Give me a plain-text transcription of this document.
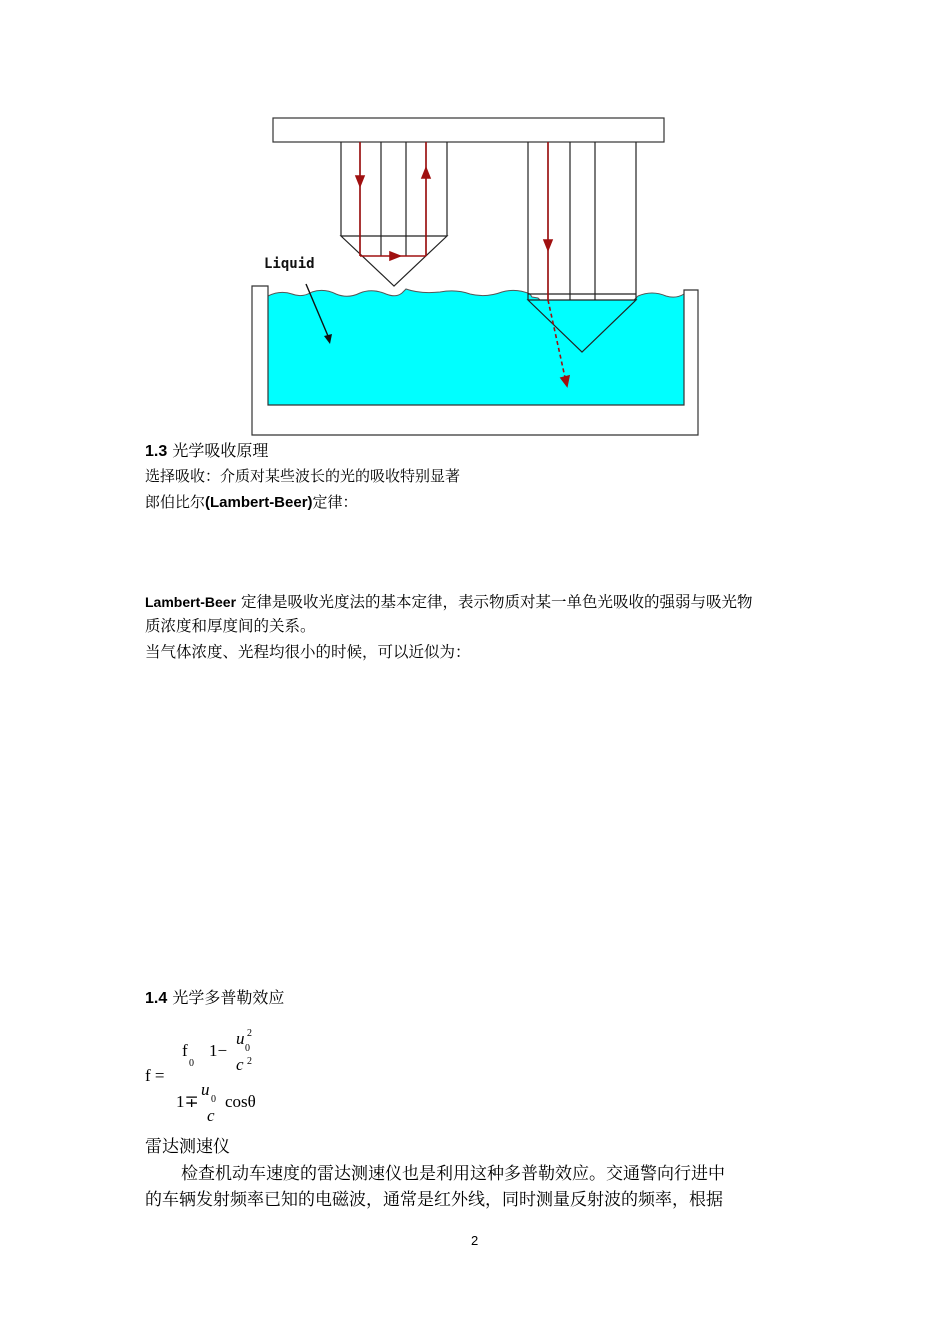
Liquid
1.3 光学吸收原理
选择吸收：介质对某些波长的光的吸收特别显著
郎伯比尔(Lambert-Beer)定律：
Lambert-Beer 定律是吸收光度法的基本定律，表示物质对某一单色光吸收的强弱与吸光物
质浓度和厚度间的关系。
当气体浓度、光程均很小的时候，可以近似为：
1.4 光学多普勒效应
f =
f
0
1−
u 2
0
c 2
1∓
u
0
c
cosθ
雷达测速仪
检查机动车速度的雷达测速仪也是利用这种多普勒效应。交通警向行进中
的车辆发射频率已知的电磁波，通常是红外线，同时测量反射波的频率，根据
2
